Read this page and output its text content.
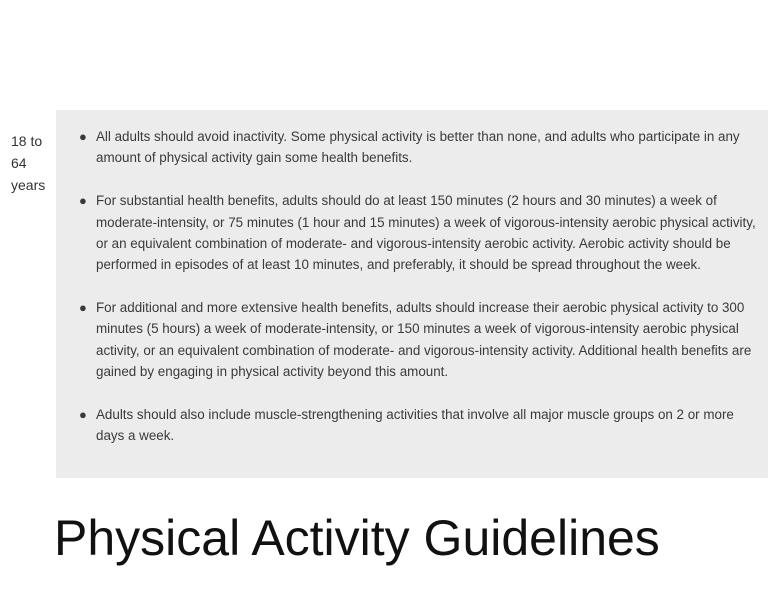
18 to 64 years
● All adults should avoid inactivity. Some physical activity is better than none, and adults who participate in any amount of physical activity gain some health benefits.
● For substantial health benefits, adults should do at least 150 minutes (2 hours and 30 minutes) a week of moderate-intensity, or 75 minutes (1 hour and 15 minutes) a week of vigorous-intensity aerobic physical activity, or an equivalent combination of moderate- and vigorous-intensity aerobic activity. Aerobic activity should be performed in episodes of at least 10 minutes, and preferably, it should be spread throughout the week.
● For additional and more extensive health benefits, adults should increase their aerobic physical activity to 300 minutes (5 hours) a week of moderate-intensity, or 150 minutes a week of vigorous-intensity aerobic physical activity, or an equivalent combination of moderate- and vigorous-intensity activity. Additional health benefits are gained by engaging in physical activity beyond this amount.
● Adults should also include muscle-strengthening activities that involve all major muscle groups on 2 or more days a week.
Physical Activity Guidelines
